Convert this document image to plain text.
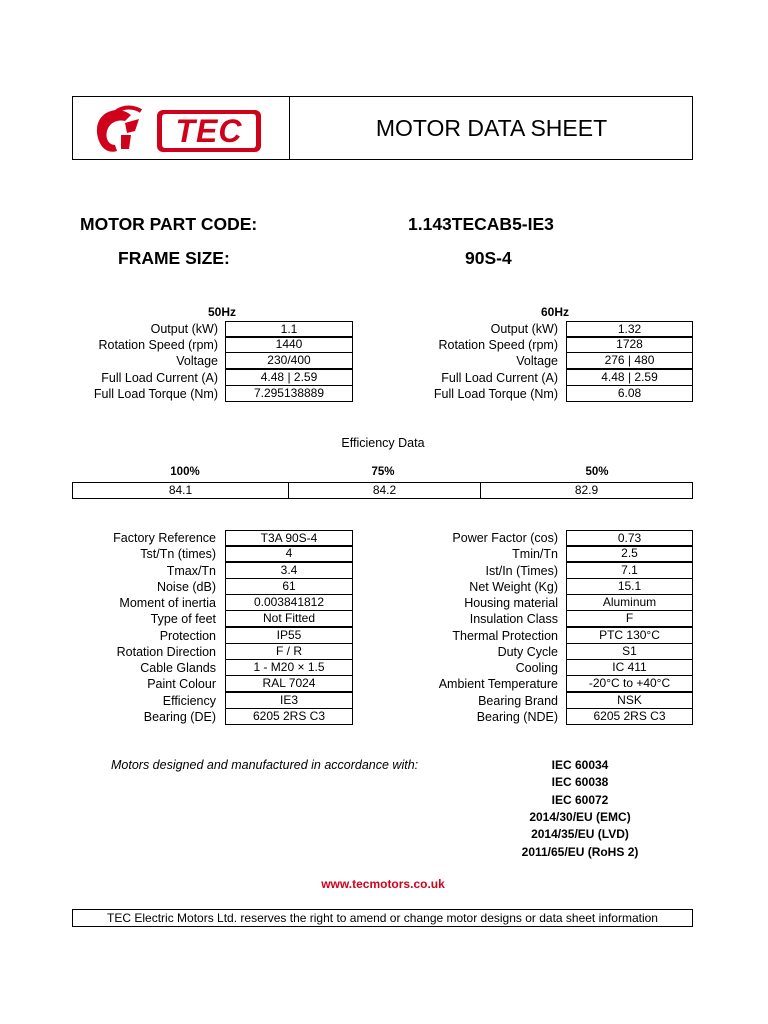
TEC	MOTOR DATA SHEET
MOTOR PART CODE:	1.143TECAB5-IE3
FRAME SIZE:	90S-4
50Hz	60Hz
Output (kW)	1.1
Rotation Speed (rpm)	1440
Voltage	230/400
Full Load Current (A)	4.48 | 2.59
Full Load Torque (Nm)	7.295138889
Output (kW)	1.32
Rotation Speed (rpm)	1728
Voltage	276 | 480
Full Load Current (A)	4.48 | 2.59
Full Load Torque (Nm)	6.08
Efficiency Data
100%	75%	50%
84.1	84.2	82.9
Factory Reference	T3A 90S-4
Tst/Tn (times)	4
Tmax/Tn	3.4
Noise (dB)	61
Moment of inertia	0.003841812
Type of feet	Not Fitted
Protection	IP55
Rotation Direction	F / R
Cable Glands	1 - M20 × 1.5
Paint Colour	RAL 7024
Efficiency	IE3
Bearing (DE)	6205 2RS C3
Power Factor (cos)	0.73
Tmin/Tn	2.5
Ist/In (Times)	7.1
Net Weight (Kg)	15.1
Housing material	Aluminum
Insulation Class	F
Thermal Protection	PTC 130°C
Duty Cycle	S1
Cooling	IC 411
Ambient Temperature	-20°C to +40°C
Bearing Brand	NSK
Bearing (NDE)	6205 2RS C3
Motors designed and manufactured in accordance with:	IEC 60034
IEC 60038
IEC 60072
2014/30/EU (EMC)
2014/35/EU (LVD)
2011/65/EU (RoHS 2)
www.tecmotors.co.uk
TEC Electric Motors Ltd. reserves the right to amend or change motor designs or data sheet information
